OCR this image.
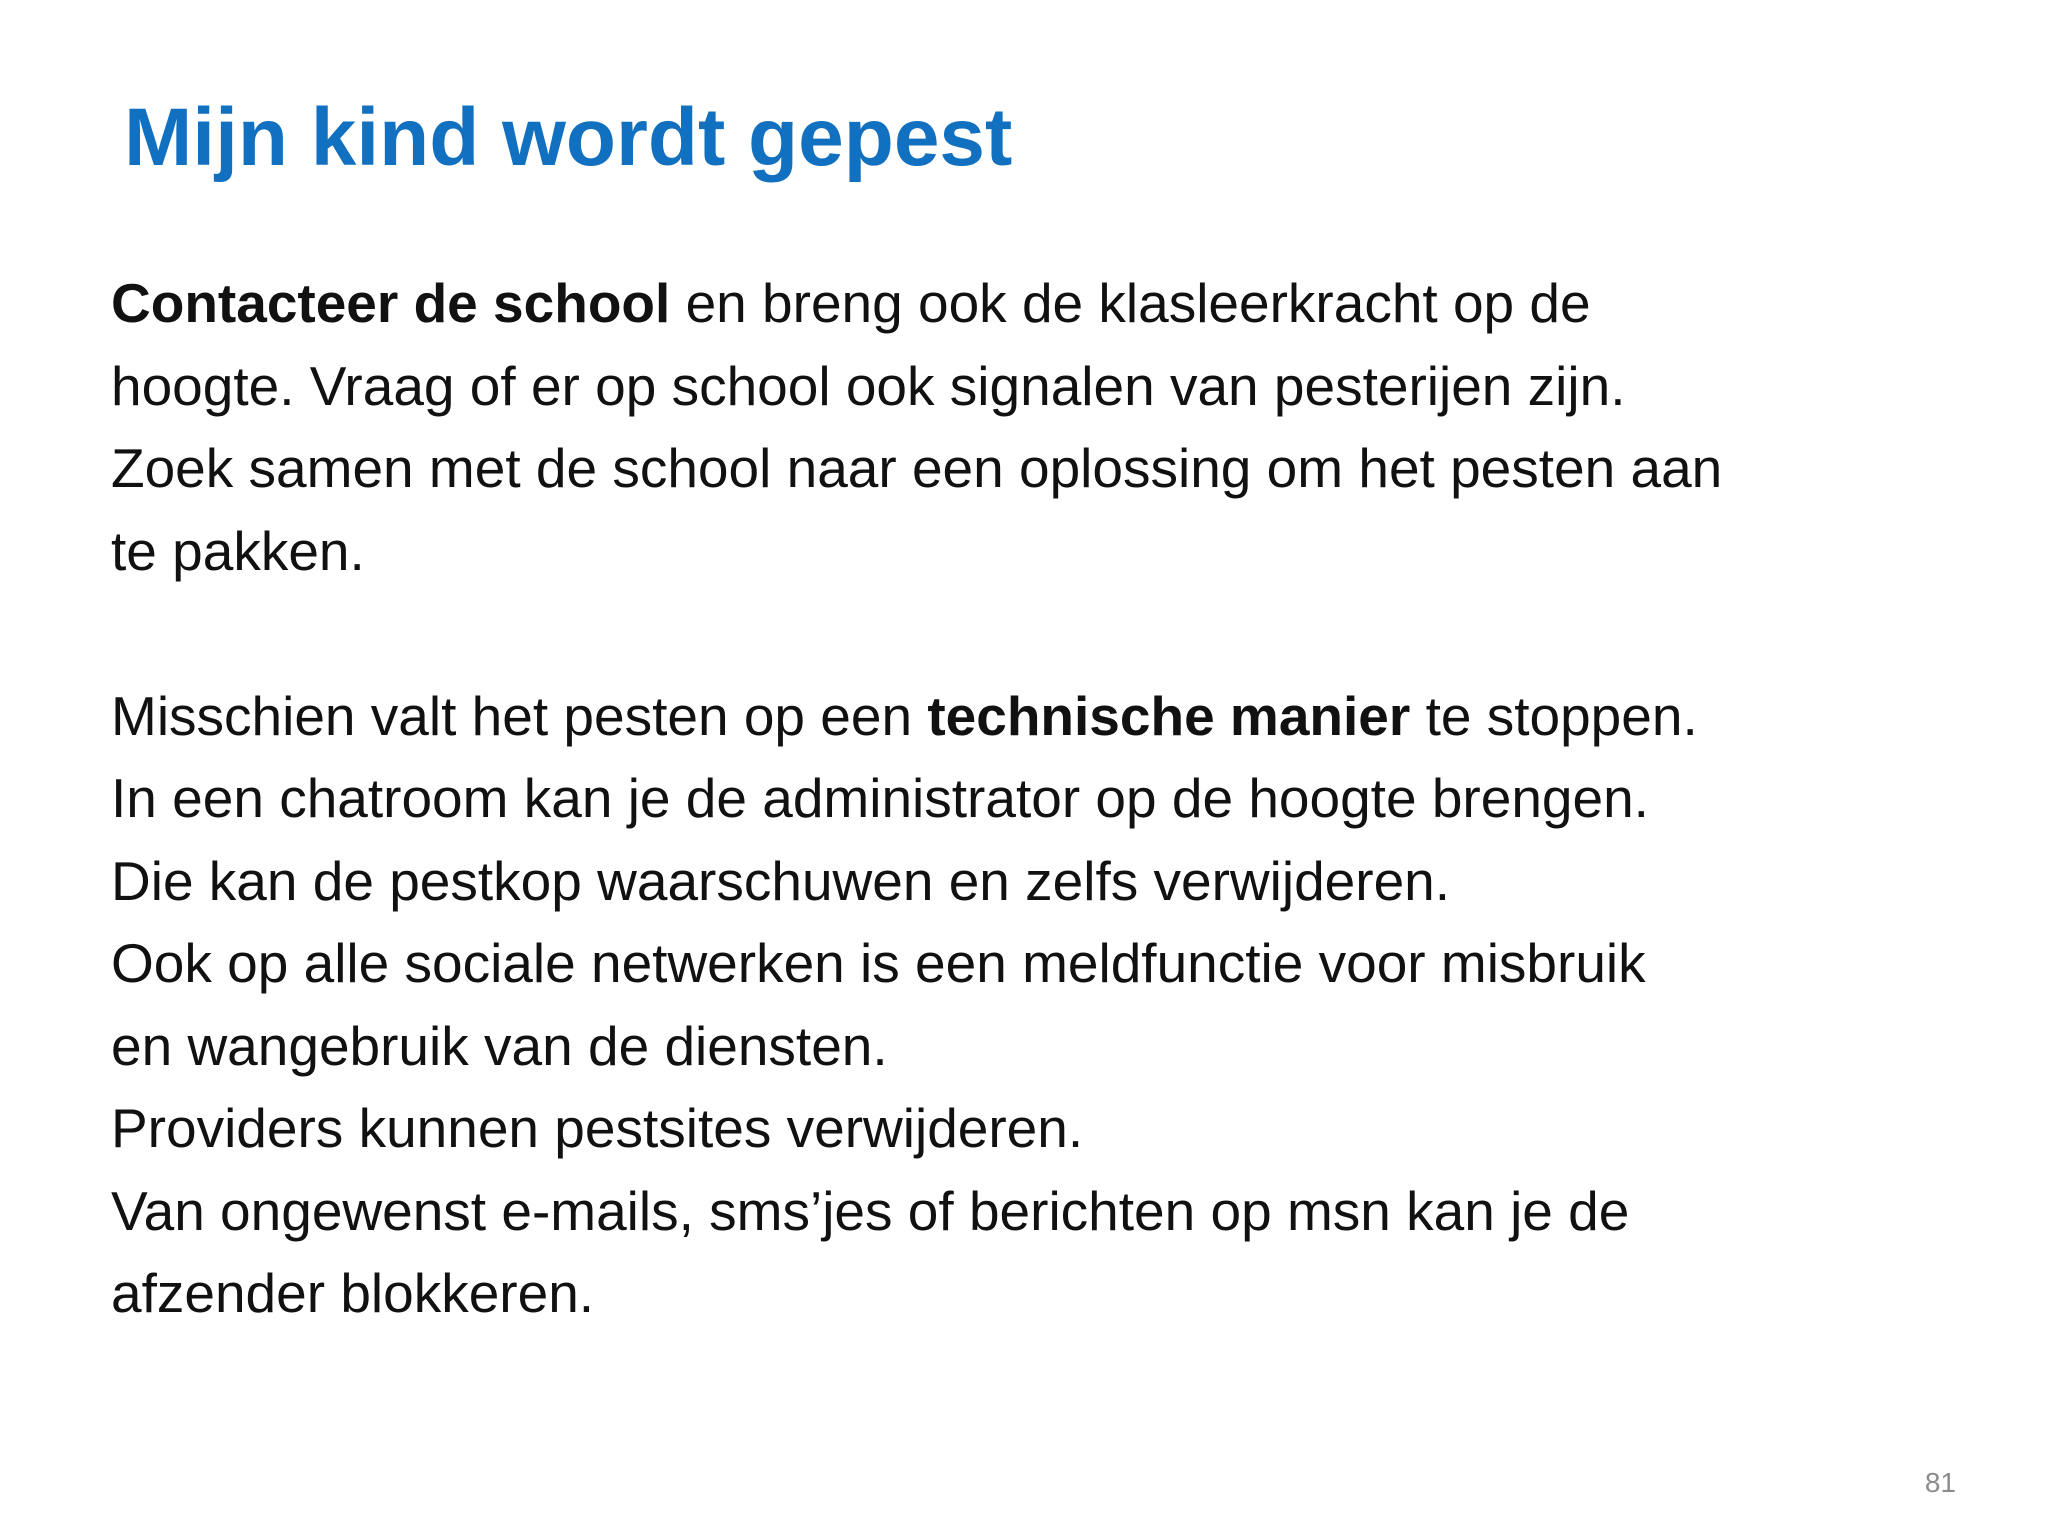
Mijn kind wordt gepest

Contacteer de school en breng ook de klasleerkracht op de
hoogte. Vraag of er op school ook signalen van pesterijen zijn.
Zoek samen met de school naar een oplossing om het pesten aan
te pakken.

Misschien valt het pesten op een technische manier te stoppen.
In een chatroom kan je de administrator op de hoogte brengen.
Die kan de pestkop waarschuwen en zelfs verwijderen.
Ook op alle sociale netwerken is een meldfunctie voor misbruik
en wangebruik van de diensten.
Providers kunnen pestsites verwijderen.
Van ongewenst e-mails, sms’jes of berichten op msn kan je de
afzender blokkeren.

81
